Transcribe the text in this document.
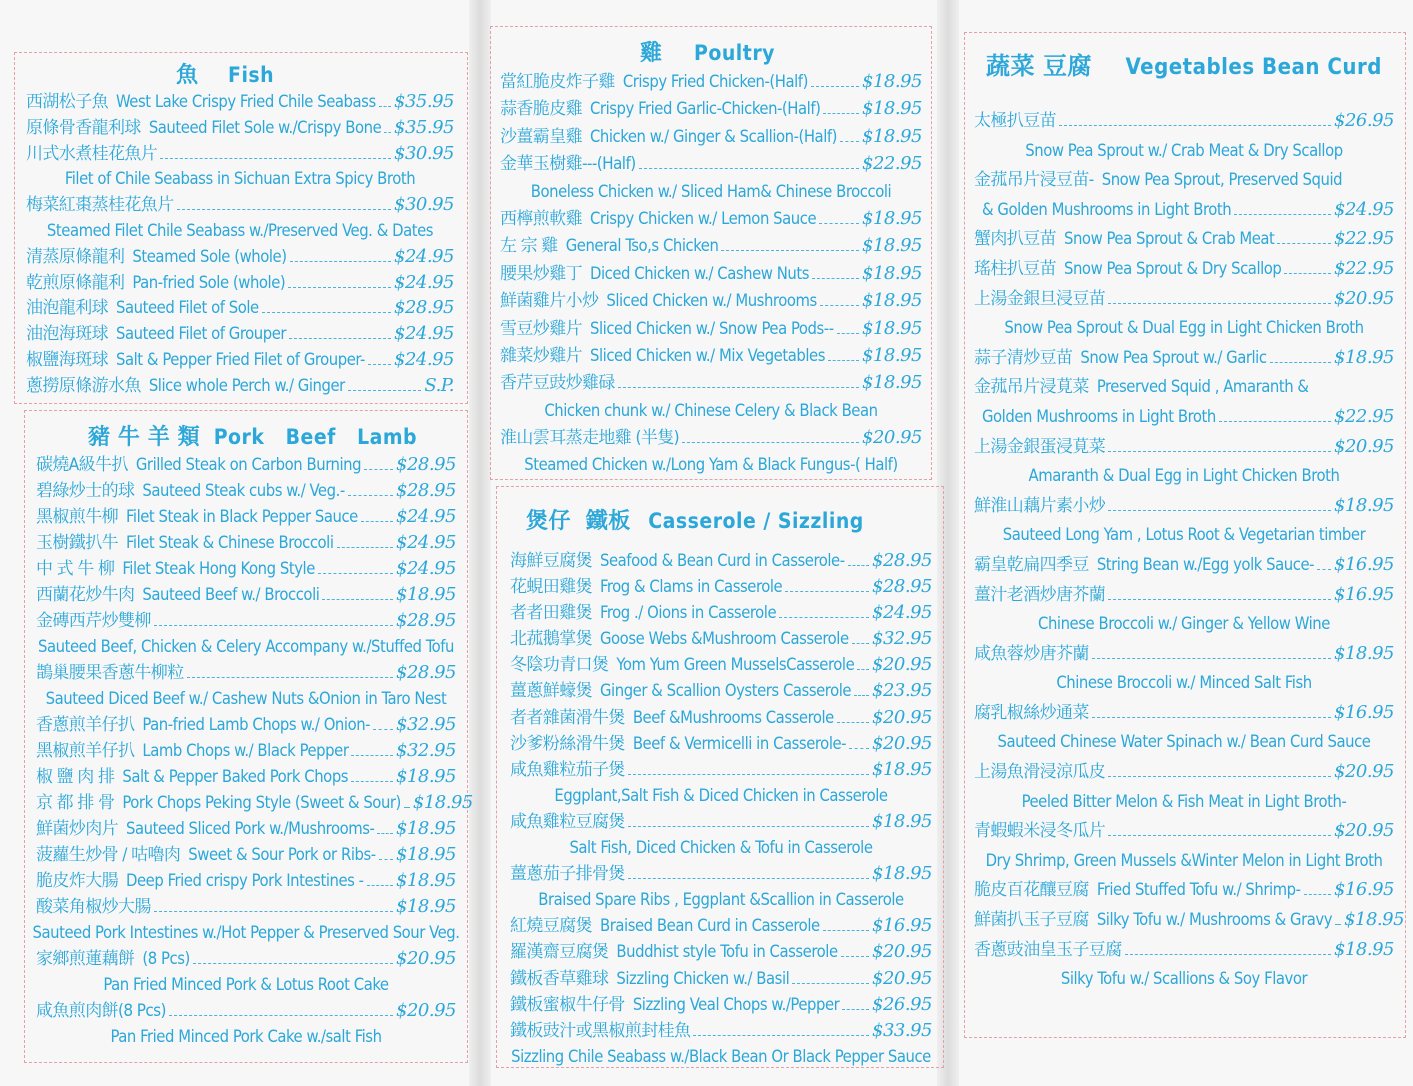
魚 Fish
西湖松子魚 West Lake Crispy Fried Chile Seabass $35.95
原條骨香龍利球 Sauteed Filet Sole w./Crispy Bone $35.95
川式水煮桂花魚片	$30.95
Filet of Chile Seabass in Sichuan Extra Spicy Broth
梅菜紅棗蒸桂花魚片	$30.95
Steamed Filet Chile Seabass w./Preserved Veg. & Dates
清蒸原條龍利 Steamed Sole (whole)	$24.95
乾煎原條龍利 Pan-fried Sole (whole)	$24.95
油泡龍利球 Sauteed Filet of Sole	$28.95
油泡海斑球 Sauteed Filet of Grouper	$24.95
椒鹽海斑球 Salt & Pepper Fried Filet of Grouper- $24.95
蔥撈原條游水魚 Slice whole Perch w./ Ginger	S.P.
豬 牛 羊 類 Pork   Beef   Lamb
碳燒A級牛扒 Grilled Steak on Carbon Burning $28.95
碧綠炒士的球 Sauteed Steak cubs w./ Veg.-	$28.95
黑椒煎牛柳 Filet Steak in Black Pepper Sauce $24.95
玉樹鐵扒牛 Filet Steak & Chinese Broccoli	$24.95
中 式 牛 柳 Filet Steak Hong Kong Style	$24.95
西蘭花炒牛肉 Sauteed Beef w./ Broccoli	$18.95
金磚西芹炒雙柳	$28.95
Sauteed Beef, Chicken & Celery Accompany w./Stuffed Tofu
鵲巢腰果香蔥牛柳粒	$28.95
Sauteed Diced Beef w./ Cashew Nuts &Onion in Taro Nest
香蔥煎羊仔扒 Pan-fried Lamb Chops w./ Onion- $32.95
黑椒煎羊仔扒 Lamb Chops w./ Black Pepper	$32.95
椒 鹽 肉 排 Salt & Pepper Baked Pork Chops	$18.95
京 都 排 骨 Pork Chops Peking Style (Sweet & Sour) $18.95
鮮菌炒肉片 Sauteed Sliced Pork w./Mushrooms- $18.95
菠蘿生炒骨 / 咕嚕肉 Sweet & Sour Pork or Ribs- $18.95
脆皮炸大腸 Deep Fried crispy Pork Intestines - $18.95
酸菜角椒炒大腸	$18.95
Sauteed Pork Intestines w./Hot Pepper & Preserved Sour Veg.
家鄉煎蓮藕餅 (8 Pcs)	$20.95
Pan Fried Minced Pork & Lotus Root Cake
咸魚煎肉餅(8 Pcs)	$20.95
Pan Fried Minced Pork Cake w./salt Fish
雞 Poultry
當紅脆皮炸子雞 Crispy Fried Chicken-(Half)	$18.95
蒜香脆皮雞 Crispy Fried Garlic-Chicken-(Half) $18.95
沙薑霸皇雞 Chicken w./ Ginger & Scallion-(Half) $18.95
金華玉樹雞---(Half)	$22.95
Boneless Chicken w./ Sliced Ham& Chinese Broccoli
西檸煎軟雞 Crispy Chicken w./ Lemon Sauce	$18.95
左 宗 雞 General Tso,s Chicken	$18.95
腰果炒雞丁 Diced Chicken w./ Cashew Nuts	$18.95
鮮菌雞片小炒 Sliced Chicken w./ Mushrooms	$18.95
雪豆炒雞片 Sliced Chicken w./ Snow Pea Pods-- $18.95
雜菜炒雞片 Sliced Chicken w./ Mix Vegetables $18.95
香芹豆豉炒雞碌	$18.95
Chicken chunk w./ Chinese Celery & Black Bean
淮山雲耳蒸走地雞 (半隻)	$20.95
Steamed Chicken w./Long Yam & Black Fungus-( Half)
煲仔  鐵板 Casserole / Sizzling
海鮮豆腐煲 Seafood & Bean Curd in Casserole- $28.95
花蜆田雞煲 Frog & Clams in Casserole	$28.95
者者田雞煲 Frog ./ Oions in Casserole	$24.95
北菰鵝掌煲 Goose Webs &Mushroom Casserole $32.95
冬陰功青口煲 Yom Yum Green MusselsCasserole $20.95
薑蔥鮮蠔煲 Ginger & Scallion Oysters Casserole $23.95
者者雜菌滑牛煲 Beef &Mushrooms Casserole $20.95
沙爹粉絲滑牛煲 Beef & Vermicelli in Casserole- $20.95
咸魚雞粒茄子煲	$18.95
Eggplant,Salt Fish & Diced Chicken in Casserole
咸魚雞粒豆腐煲	$18.95
Salt Fish, Diced Chicken & Tofu in Casserole
薑蔥茄子排骨煲	$18.95
Braised Spare Ribs , Eggplant &Scallion in Casserole
紅燒豆腐煲 Braised Bean Curd in Casserole	$16.95
羅漢齋豆腐煲 Buddhist style Tofu in Casserole $20.95
鐵板香草雞球 Sizzling Chicken w./ Basil	$20.95
鐵板蜜椒牛仔骨 Sizzling Veal Chops w./Pepper $26.95
鐵板豉汁或黑椒煎封桂魚	$33.95
Sizzling Chile Seabass w./Black Bean Or Black Pepper Sauce
蔬菜 豆腐 Vegetables Bean Curd
太極扒豆苗	$26.95
Snow Pea Sprout w./ Crab Meat & Dry Scallop
金菰吊片浸豆苗- Snow Pea Sprout, Preserved Squid
& Golden Mushrooms in Light Broth	$24.95
蟹肉扒豆苗 Snow Pea Sprout & Crab Meat	$22.95
瑤柱扒豆苗 Snow Pea Sprout & Dry Scallop	$22.95
上湯金銀旦浸豆苗	$20.95
Snow Pea Sprout & Dual Egg in Light Chicken Broth
蒜子清炒豆苗 Snow Pea Sprout w./ Garlic	$18.95
金菰吊片浸莧菜 Preserved Squid , Amaranth &
Golden Mushrooms in Light Broth	$22.95
上湯金銀蛋浸莧菜	$20.95
Amaranth & Dual Egg in Light Chicken Broth
鮮淮山藕片素小炒	$18.95
Sauteed Long Yam , Lotus Root & Vegetarian timber
霸皇乾扁四季豆 String Bean w./Egg yolk Sauce- $16.95
薑汁老酒炒唐芥蘭	$16.95
Chinese Broccoli w./ Ginger & Yellow Wine
咸魚蓉炒唐芥蘭	$18.95
Chinese Broccoli w./ Minced Salt Fish
腐乳椒絲炒通菜	$16.95
Sauteed Chinese Water Spinach w./ Bean Curd Sauce
上湯魚滑浸涼瓜皮	$20.95
Peeled Bitter Melon & Fish Meat in Light Broth-
青蝦蝦米浸冬瓜片	$20.95
Dry Shrimp, Green Mussels &Winter Melon in Light Broth
脆皮百花釀豆腐 Fried Stuffed Tofu w./ Shrimp- $16.95
鮮菌扒玉子豆腐 Silky Tofu w./ Mushrooms & Gravy $18.95
香蔥豉油皇玉子豆腐	$18.95
Silky Tofu w./ Scallions & Soy Flavor
